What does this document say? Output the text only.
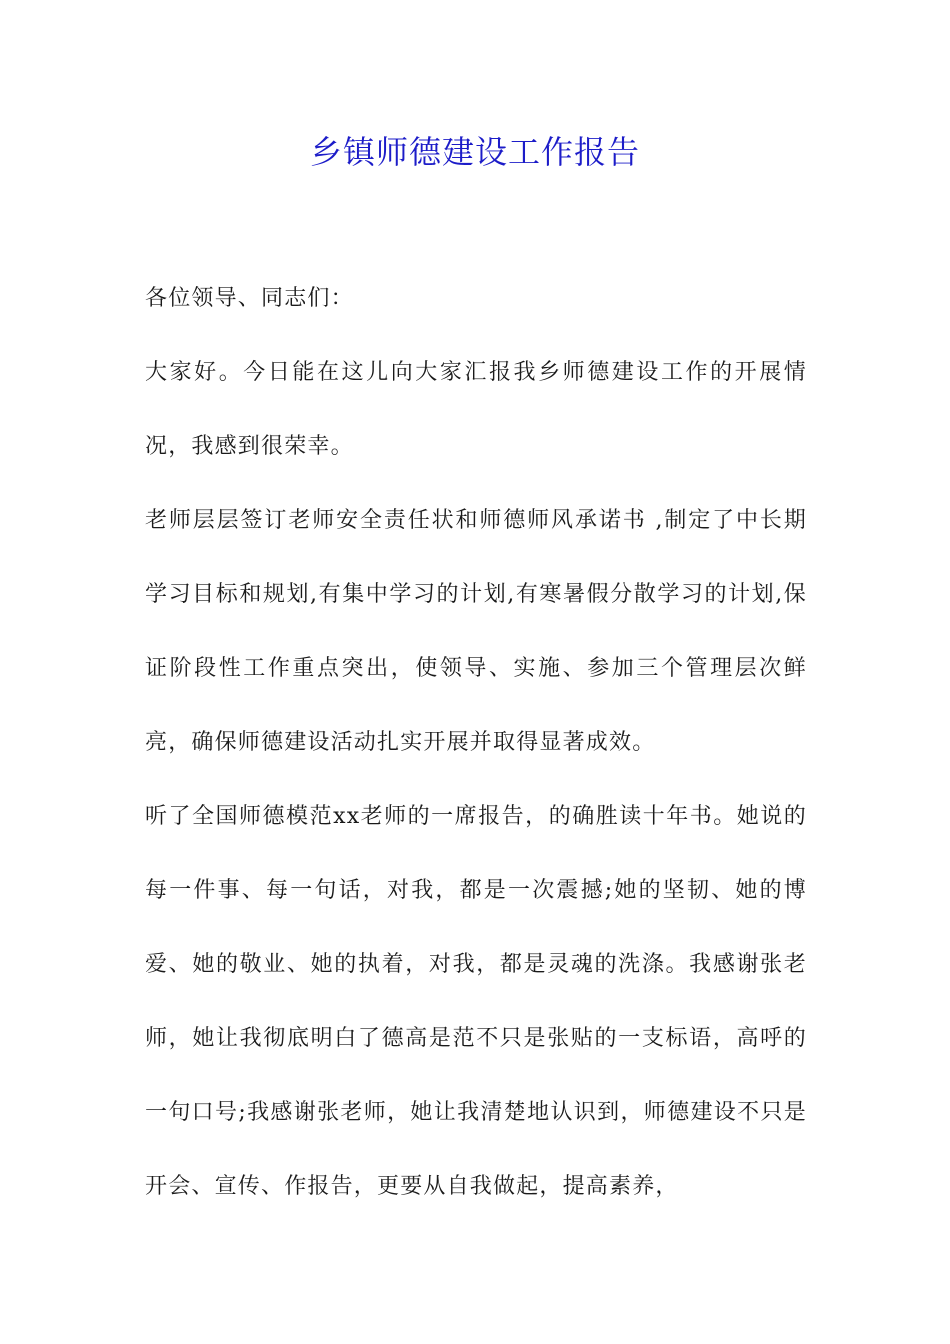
乡镇师德建设工作报告

各位领导、同志们：

大家好。今日能在这儿向大家汇报我乡师德建设工作的开展情况，我感到很荣幸。

老师层层签订老师安全责任状和师德师风承诺书 ,制定了中长期学习目标和规划,有集中学习的计划,有寒暑假分散学习的计划,保证阶段性工作重点突出，使领导、实施、参加三个管理层次鲜亮，确保师德建设活动扎实开展并取得显著成效。

听了全国师德模范xx老师的一席报告，的确胜读十年书。她说的每一件事、每一句话，对我，都是一次震撼;她的坚韧、她的博爱、她的敬业、她的执着，对我，都是灵魂的洗涤。我感谢张老师，她让我彻底明白了德高是范不只是张贴的一支标语，高呼的一句口号;我感谢张老师，她让我清楚地认识到，师德建设不只是开会、宣传、作报告，更要从自我做起，提高素养，
